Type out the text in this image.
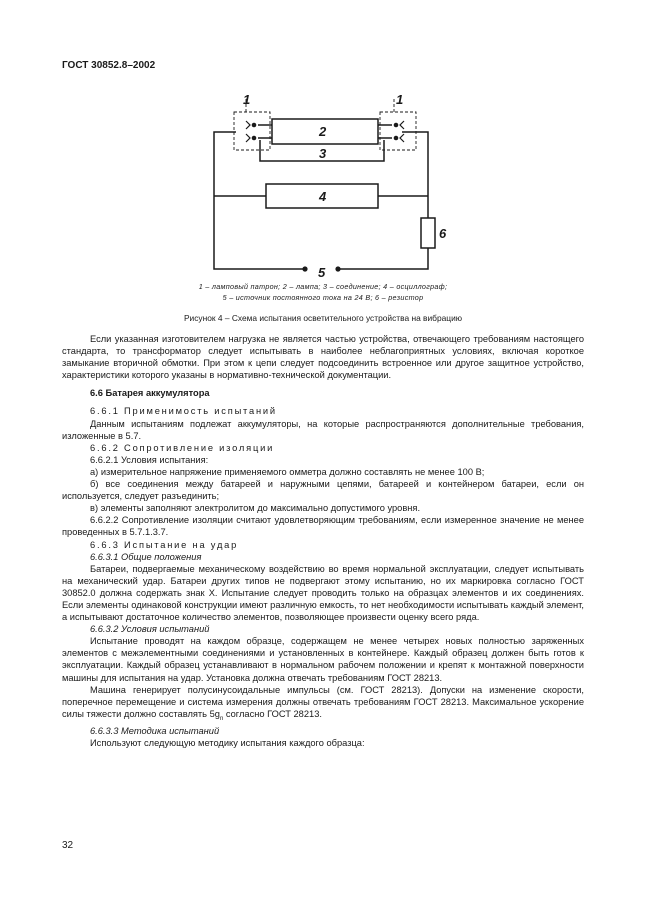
ГОСТ 30852.8–2002
1	1
2
3
4
5
6
1 – ламповый патрон; 2 – лампа; 3 – соединение; 4 – осциллограф;
5 – источник постоянного тока на 24 В; 6 – резистор
Рисунок 4 – Схема испытания осветительного устройства на вибрацию

Если указанная изготовителем нагрузка не является частью устройства, отвечающего требованиям настоящего стандарта, то трансформатор следует испытывать в наиболее неблагоприятных условиях, включая короткое замыкание вторичной обмотки. При этом к цепи следует подсоединить встроенное или другое защитное устройство, характеристики которого указаны в нормативно-технической документации.

6.6 Батарея аккумулятора

6.6.1 Применимость испытаний

Данным испытаниям подлежат аккумуляторы, на которые распространяются дополнительные требования, изложенные в 5.7.

6.6.2 Сопротивление изоляции

6.6.2.1 Условия испытания:

а) измерительное напряжение применяемого омметра должно составлять не менее 100 В;

б) все соединения между батареей и наружными цепями, батареей и контейнером батареи, если он используется, следует разъединить;

в) элементы заполняют электролитом до максимально допустимого уровня.

6.6.2.2 Сопротивление изоляции считают удовлетворяющим требованиям, если измеренное значение не менее проведенных в 5.7.1.3.7.

6.6.3 Испытание на удар

6.6.3.1 Общие положения

Батареи, подвергаемые механическому воздействию во время нормальной эксплуатации, следует испытывать на механический удар. Батареи других типов не подвергают этому испытанию, но их маркировка согласно ГОСТ 30852.0 должна содержать знак X. Испытание следует проводить только на образцах элементов и их соединениях. Если элементы одинаковой конструкции имеют различную емкость, то нет необходимости испытывать каждый элемент, а испытывают достаточное количество элементов, позволяющее произвести оценку всего ряда.

6.6.3.2 Условия испытаний

Испытание проводят на каждом образце, содержащем не менее четырех новых полностью заряженных элементов с межэлементными соединениями и установленных в контейнере. Каждый образец должен быть готов к эксплуатации. Каждый образец устанавливают в нормальном рабочем положении и крепят к монтажной поверхности машины для испытания на удар. Установка должна отвечать требованиям ГОСТ 28213.

Машина генерирует полусинусоидальные импульсы (см. ГОСТ 28213). Допуски на изменение скорости, поперечное перемещение и система измерения должны отвечать требованиям ГОСТ 28213. Максимальное ускорение силы тяжести должно составлять $5g_n$ согласно ГОСТ 28213.

6.6.3.3 Методика испытаний

Используют следующую методику испытания каждого образца:

32
